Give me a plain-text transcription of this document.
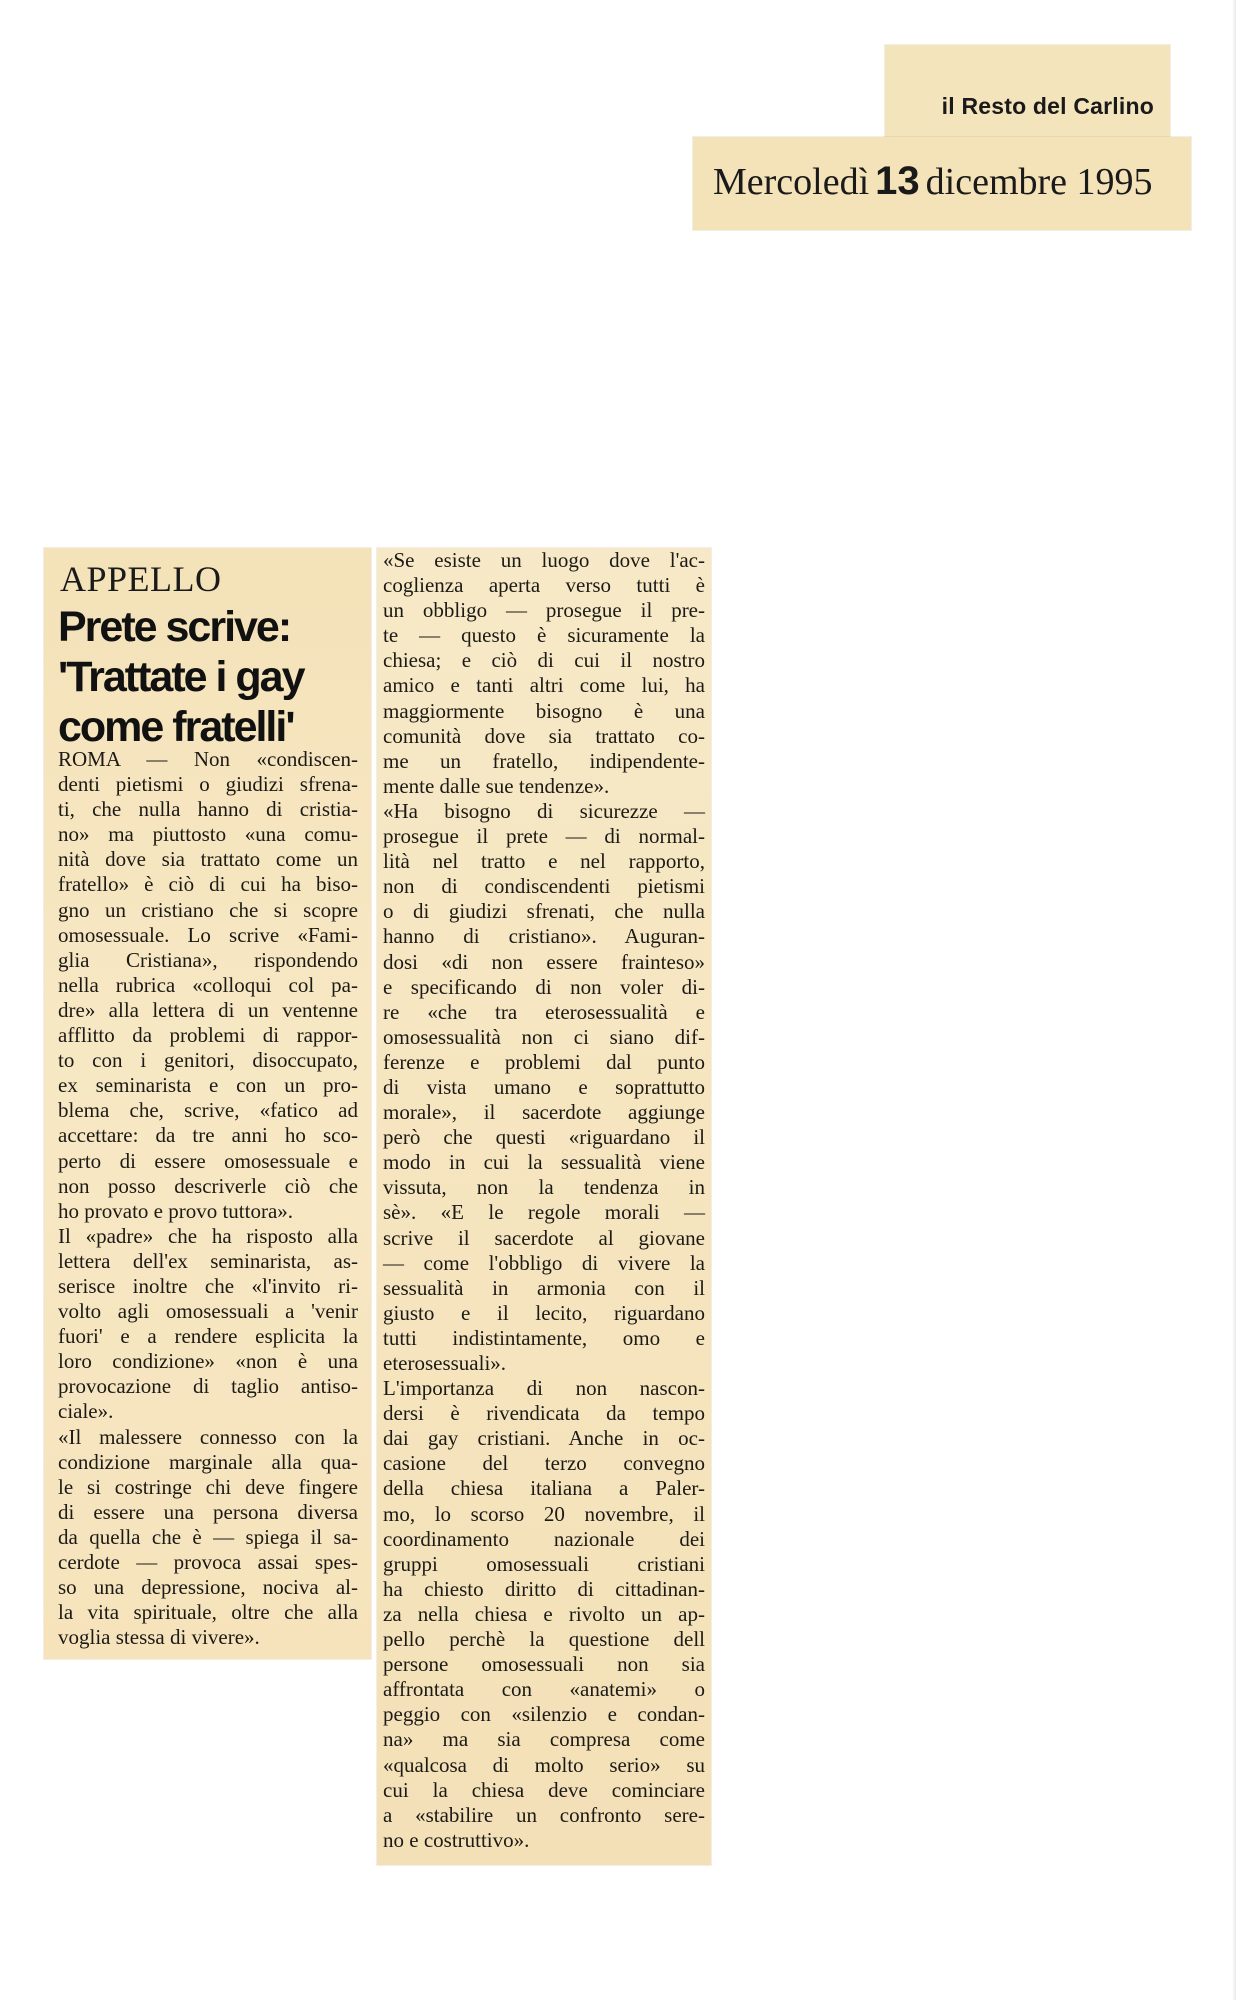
il Resto del Carlino
Mercoledì 13 dicembre 1995
APPELLO
Prete scrive:
'Trattate i gay
come fratelli'
ROMA — Non «condiscen-
denti pietismi o giudizi sfrena-
ti, che nulla hanno di cristia-
no» ma piuttosto «una comu-
nità dove sia trattato come un
fratello» è ciò di cui ha biso-
gno un cristiano che si scopre
omosessuale. Lo scrive «Fami-
glia Cristiana», rispondendo
nella rubrica «colloqui col pa-
dre» alla lettera di un ventenne
afflitto da problemi di rappor-
to con i genitori, disoccupato,
ex seminarista e con un pro-
blema che, scrive, «fatico ad
accettare: da tre anni ho sco-
perto di essere omosessuale e
non posso descriverle ciò che
ho provato e provo tuttora».
Il «padre» che ha risposto alla
lettera dell'ex seminarista, as-
serisce inoltre che «l'invito ri-
volto agli omosessuali a 'venir
fuori' e a rendere esplicita la
loro condizione» «non è una
provocazione di taglio antiso-
ciale».
«Il malessere connesso con la
condizione marginale alla qua-
le si costringe chi deve fingere
di essere una persona diversa
da quella che è — spiega il sa-
cerdote — provoca assai spes-
so una depressione, nociva al-
la vita spirituale, oltre che alla
voglia stessa di vivere».
«Se esiste un luogo dove l'ac-
coglienza aperta verso tutti è
un obbligo — prosegue il pre-
te — questo è sicuramente la
chiesa; e ciò di cui il nostro
amico e tanti altri come lui, ha
maggiormente bisogno è una
comunità dove sia trattato co-
me un fratello, indipendente-
mente dalle sue tendenze».
«Ha bisogno di sicurezze —
prosegue il prete — di normal-
lità nel tratto e nel rapporto,
non di condiscendenti pietismi
o di giudizi sfrenati, che nulla
hanno di cristiano». Auguran-
dosi «di non essere frainteso»
e specificando di non voler di-
re «che tra eterosessualità e
omosessualità non ci siano dif-
ferenze e problemi dal punto
di vista umano e soprattutto
morale», il sacerdote aggiunge
però che questi «riguardano il
modo in cui la sessualità viene
vissuta, non la tendenza in
sè». «E le regole morali —
scrive il sacerdote al giovane
— come l'obbligo di vivere la
sessualità in armonia con il
giusto e il lecito, riguardano
tutti indistintamente, omo e
eterosessuali».
L'importanza di non nascon-
dersi è rivendicata da tempo
dai gay cristiani. Anche in oc-
casione del terzo convegno
della chiesa italiana a Paler-
mo, lo scorso 20 novembre, il
coordinamento nazionale dei
gruppi omosessuali cristiani
ha chiesto diritto di cittadinan-
za nella chiesa e rivolto un ap-
pello perchè la questione dell
persone omosessuali non sia
affrontata con «anatemi» o
peggio con «silenzio e condan-
na» ma sia compresa come
«qualcosa di molto serio» su
cui la chiesa deve cominciare
a «stabilire un confronto sere-
no e costruttivo».
